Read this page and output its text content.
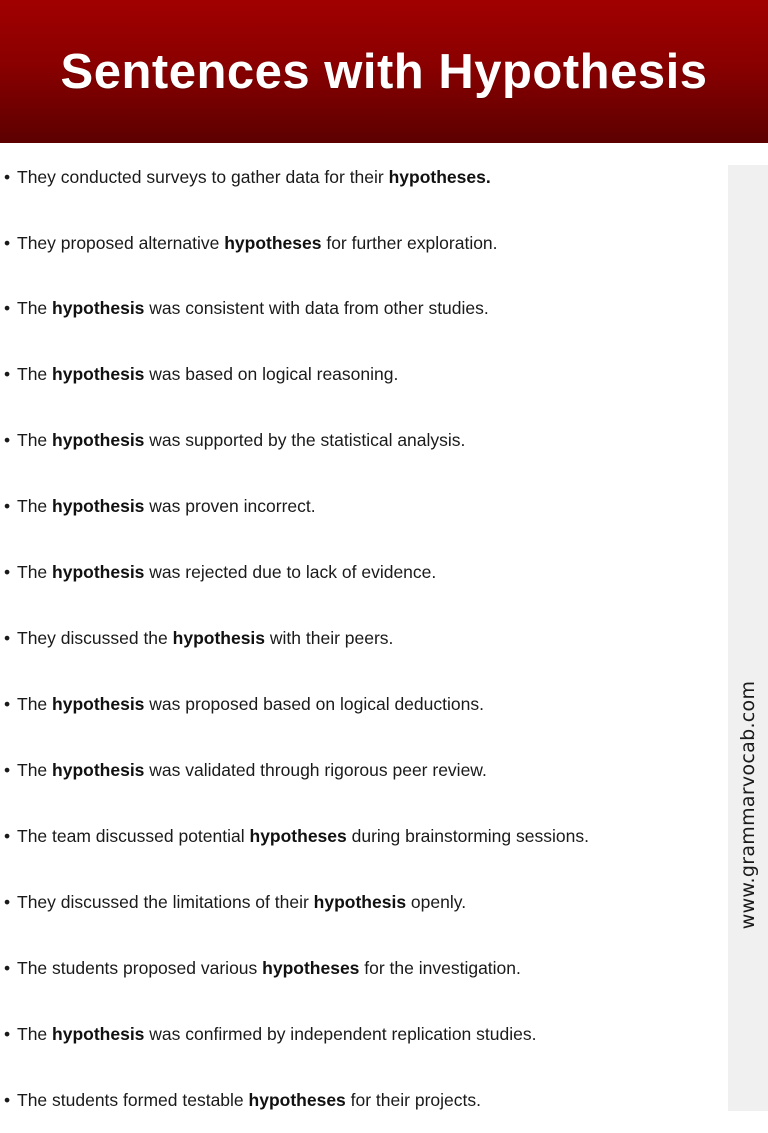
Sentences with Hypothesis
www.grammarvocab.com
• They conducted surveys to gather data for their hypotheses.
• They proposed alternative hypotheses for further exploration.
• The hypothesis was consistent with data from other studies.
• The hypothesis was based on logical reasoning.
• The hypothesis was supported by the statistical analysis.
• The hypothesis was proven incorrect.
• The hypothesis was rejected due to lack of evidence.
• They discussed the hypothesis with their peers.
• The hypothesis was proposed based on logical deductions.
• The hypothesis was validated through rigorous peer review.
• The team discussed potential hypotheses during brainstorming sessions.
• They discussed the limitations of their hypothesis openly.
• The students proposed various hypotheses for the investigation.
• The hypothesis was confirmed by independent replication studies.
• The students formed testable hypotheses for their projects.
